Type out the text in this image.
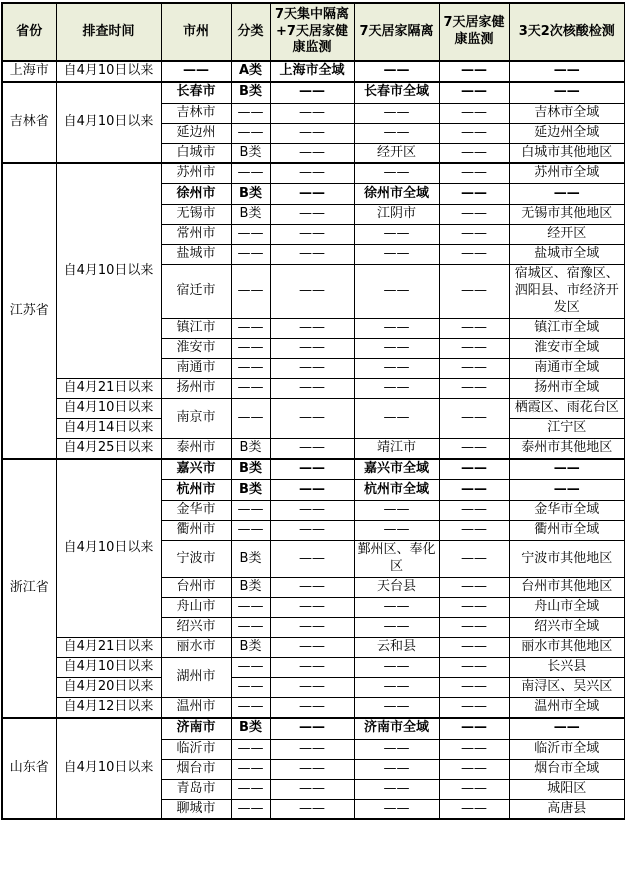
省份	排查时间	市州	分类	7天集中隔离+7天居家健康监测	7天居家隔离	7天居家健康监测	3天2次核酸检测
上海市	自4月10日以来	——	A类	上海市全域	——	——	——
吉林省	自4月10日以来	长春市	B类	——	长春市全域	——	——
		吉林市	——	——	——	——	吉林市全域
		延边州	——	——	——	——	延边州全域
		白城市	B类	——	经开区	——	白城市其他地区
江苏省	自4月10日以来	苏州市	——	——	——	——	苏州市全域
		徐州市	B类	——	徐州市全域	——	——
		无锡市	B类	——	江阴市	——	无锡市其他地区
		常州市	——	——	——	——	经开区
		盐城市	——	——	——	——	盐城市全域
		宿迁市	——	——	——	——	宿城区、宿豫区、泗阳县、市经济开发区
		镇江市	——	——	——	——	镇江市全域
		淮安市	——	——	——	——	淮安市全域
		南通市	——	——	——	——	南通市全域
	自4月21日以来	扬州市	——	——	——	——	扬州市全域
	自4月10日以来	南京市	——	——	——	——	栖霞区、雨花台区
	自4月14日以来						江宁区
	自4月25日以来	泰州市	B类	——	靖江市	——	泰州市其他地区
浙江省	自4月10日以来	嘉兴市	B类	——	嘉兴市全域	——	——
		杭州市	B类	——	杭州市全域	——	——
		金华市	——	——	——	——	金华市全域
		衢州市	——	——	——	——	衢州市全域
		宁波市	B类	——	鄞州区、奉化区	——	宁波市其他地区
		台州市	B类	——	天台县	——	台州市其他地区
		舟山市	——	——	——	——	舟山市全域
		绍兴市	——	——	——	——	绍兴市全域
	自4月21日以来	丽水市	B类	——	云和县	——	丽水市其他地区
	自4月10日以来	湖州市	——	——	——	——	长兴县
	自4月20日以来		——	——	——	——	南浔区、吴兴区
	自4月12日以来	温州市	——	——	——	——	温州市全域
山东省	自4月10日以来	济南市	B类	——	济南市全域	——	——
		临沂市	——	——	——	——	临沂市全域
		烟台市	——	——	——	——	烟台市全域
		青岛市	——	——	——	——	城阳区
		聊城市	——	——	——	——	高唐县
